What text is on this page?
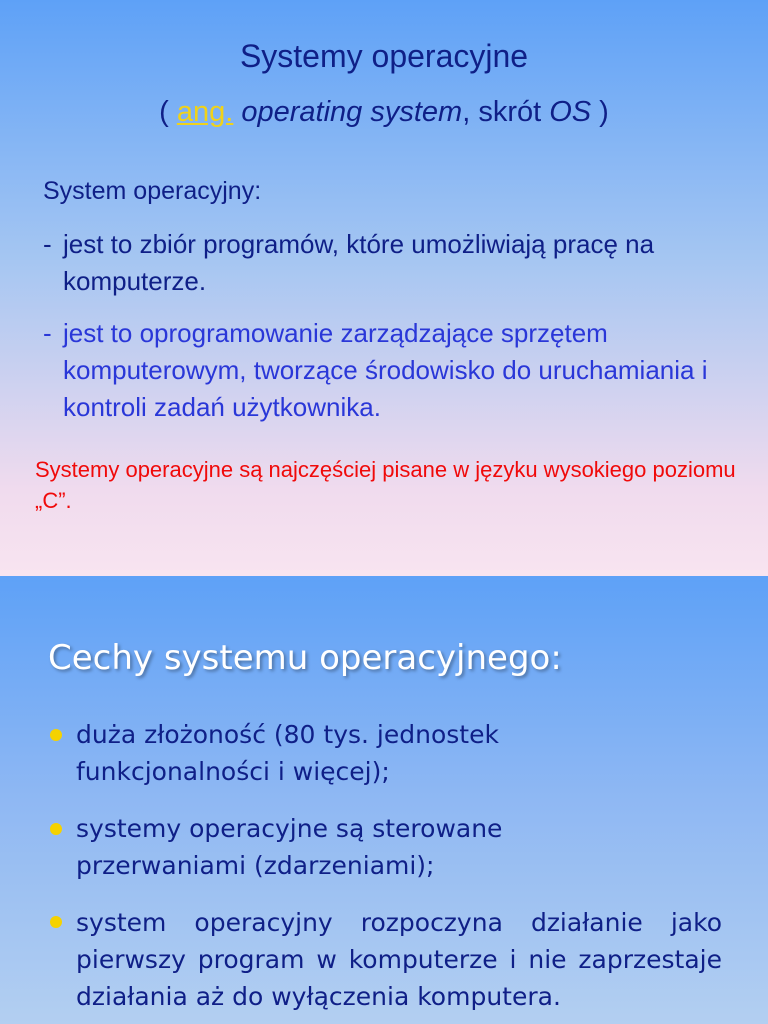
Systemy operacyjne
( ang. operating system, skrót OS )
System operacyjny:
- jest to zbiór programów, które umożliwiają pracę na komputerze.
- jest to oprogramowanie zarządzające sprzętem komputerowym, tworzące środowisko do uruchamiania i kontroli zadań użytkownika.
Systemy operacyjne są najczęściej pisane w języku wysokiego poziomu „C”.
Cechy systemu operacyjnego:
duża złożoność (80 tys. jednostek funkcjonalności i więcej);
systemy operacyjne są sterowane przerwaniami (zdarzeniami);
system operacyjny rozpoczyna działanie jako pierwszy program w komputerze i nie zaprzestaje działania aż do wyłączenia komputera.
